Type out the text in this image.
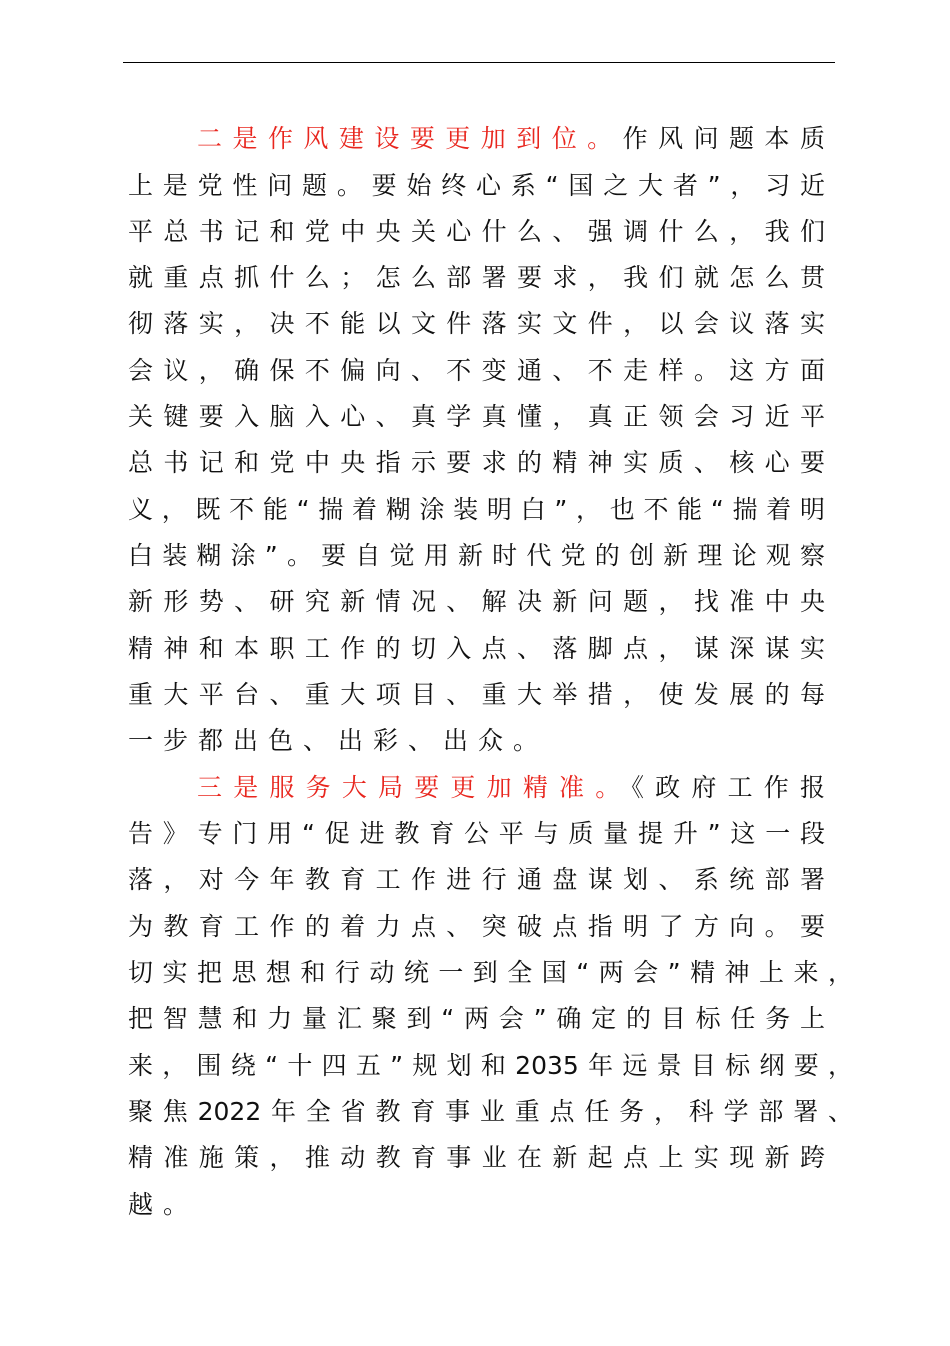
二是作风建设要更加到位。作风问题本质
上是党性问题。要始终心系“国之大者”，习近
平总书记和党中央关心什么、强调什么，我们
就重点抓什么；怎么部署要求，我们就怎么贯
彻落实，决不能以文件落实文件，以会议落实
会议，确保不偏向、不变通、不走样。这方面
关键要入脑入心、真学真懂，真正领会习近平
总书记和党中央指示要求的精神实质、核心要
义，既不能“揣着糊涂装明白”，也不能“揣着明
白装糊涂”。要自觉用新时代党的创新理论观察
新形势、研究新情况、解决新问题，找准中央
精神和本职工作的切入点、落脚点，谋深谋实
重大平台、重大项目、重大举措，使发展的每
一步都出色、出彩、出众。
三是服务大局要更加精准。《政府工作报
告》专门用“促进教育公平与质量提升”这一段
落，对今年教育工作进行通盘谋划、系统部署
为教育工作的着力点、突破点指明了方向。要
切实把思想和行动统一到全国“两会”精神上来，
把智慧和力量汇聚到“两会”确定的目标任务上
来，围绕“十四五”规划和2035年远景目标纲要，
聚焦2022年全省教育事业重点任务，科学部署、
精准施策，推动教育事业在新起点上实现新跨
越。
